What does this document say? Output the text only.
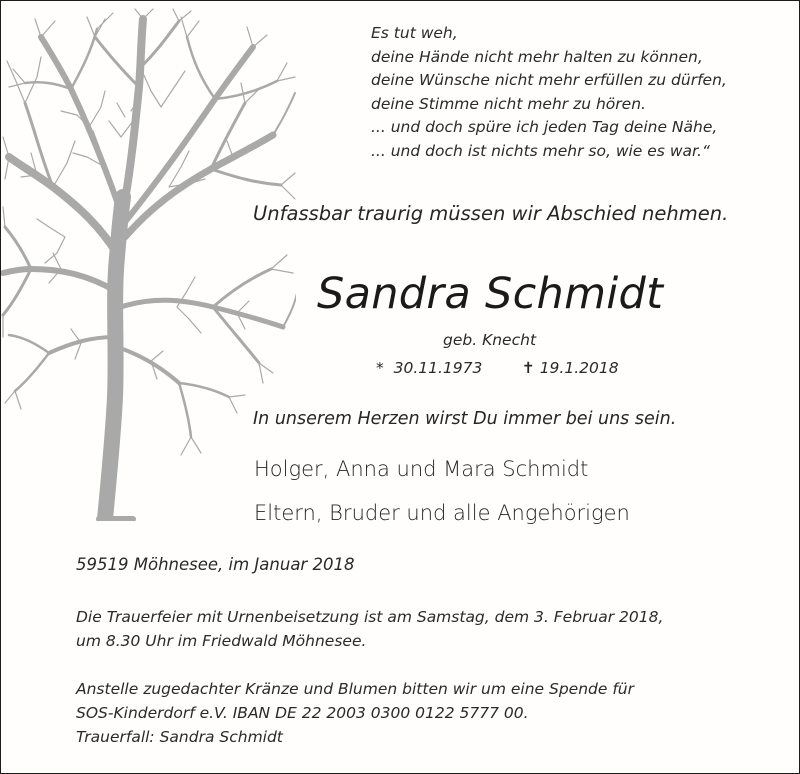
Es tut weh,
deine Hände nicht mehr halten zu können,
deine Wünsche nicht mehr erfüllen zu dürfen,
deine Stimme nicht mehr zu hören.
... und doch spüre ich jeden Tag deine Nähe,
... und doch ist nichts mehr so, wie es war.“
Unfassbar traurig müssen wir Abschied nehmen.
Sandra Schmidt
geb. Knecht
*  30.11.1973	✝ 19.1.2018
In unserem Herzen wirst Du immer bei uns sein.
Holger, Anna und Mara Schmidt
Eltern, Bruder und alle Angehörigen
59519 Möhnesee, im Januar 2018
Die Trauerfeier mit Urnenbeisetzung ist am Samstag, dem 3. Februar 2018,
um 8.30 Uhr im Friedwald Möhnesee.
Anstelle zugedachter Kränze und Blumen bitten wir um eine Spende für
SOS-Kinderdorf e.V. IBAN DE 22 2003 0300 0122 5777 00.
Trauerfall: Sandra Schmidt
